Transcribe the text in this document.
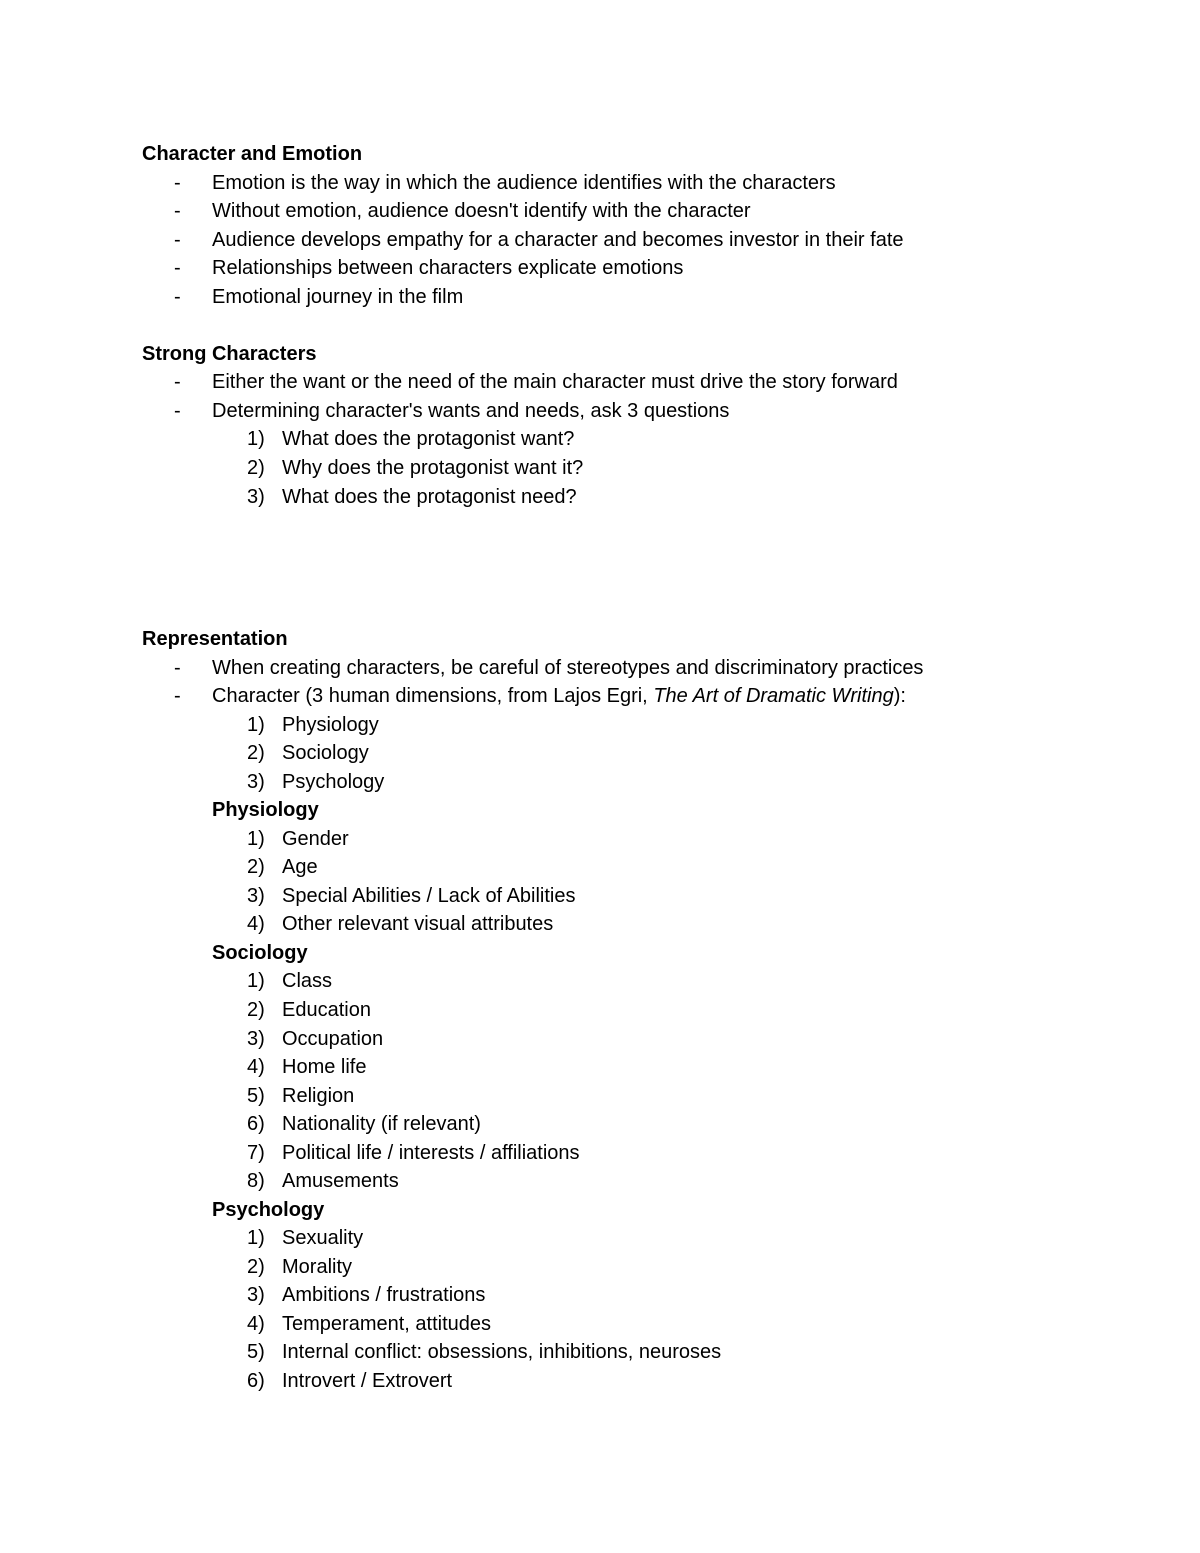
Character and Emotion
- Emotion is the way in which the audience identifies with the characters
- Without emotion, audience doesn't identify with the character
- Audience develops empathy for a character and becomes investor in their fate
- Relationships between characters explicate emotions
- Emotional journey in the film
Strong Characters
- Either the want or the need of the main character must drive the story forward
- Determining character's wants and needs, ask 3 questions
1) What does the protagonist want?
2) Why does the protagonist want it?
3) What does the protagonist need?
Representation
- When creating characters, be careful of stereotypes and discriminatory practices
- Character (3 human dimensions, from Lajos Egri, The Art of Dramatic Writing):
1) Physiology
2) Sociology
3) Psychology
Physiology
1) Gender
2) Age
3) Special Abilities / Lack of Abilities
4) Other relevant visual attributes
Sociology
1) Class
2) Education
3) Occupation
4) Home life
5) Religion
6) Nationality (if relevant)
7) Political life / interests / affiliations
8) Amusements
Psychology
1) Sexuality
2) Morality
3) Ambitions / frustrations
4) Temperament, attitudes
5) Internal conflict: obsessions, inhibitions, neuroses
6) Introvert / Extrovert
